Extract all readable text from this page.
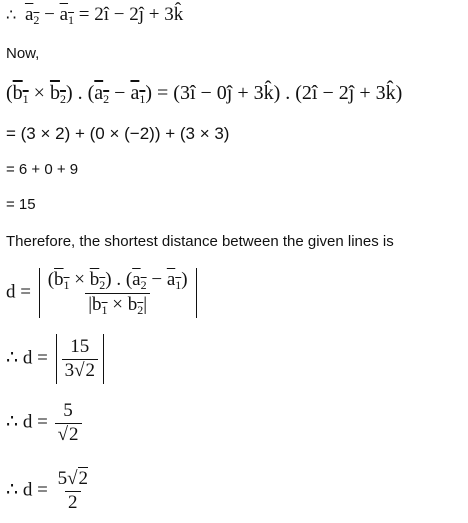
∴ $a_2 - a_1$ = 2î − 2ĵ + 3k̂
Now,
$(b_1 \times b_2)$ . $(a_2 - a_1)$ = (3î − 0ĵ + 3k̂) . (2î − 2ĵ + 3k̂)
= (3 × 2) + (0 × (−2)) + (3 × 3)
= 6 + 0 + 9
= 15
Therefore, the shortest distance between the given lines is
$d = \frac{(b_1 \times b_2) . (a_2 - a_1)}{|b_1 \times b_2|}$
∴ $d = \frac{15}{3√2}$
∴ $d = \frac{5}{√2}$
∴ $d = \frac{5√2}{2}$
